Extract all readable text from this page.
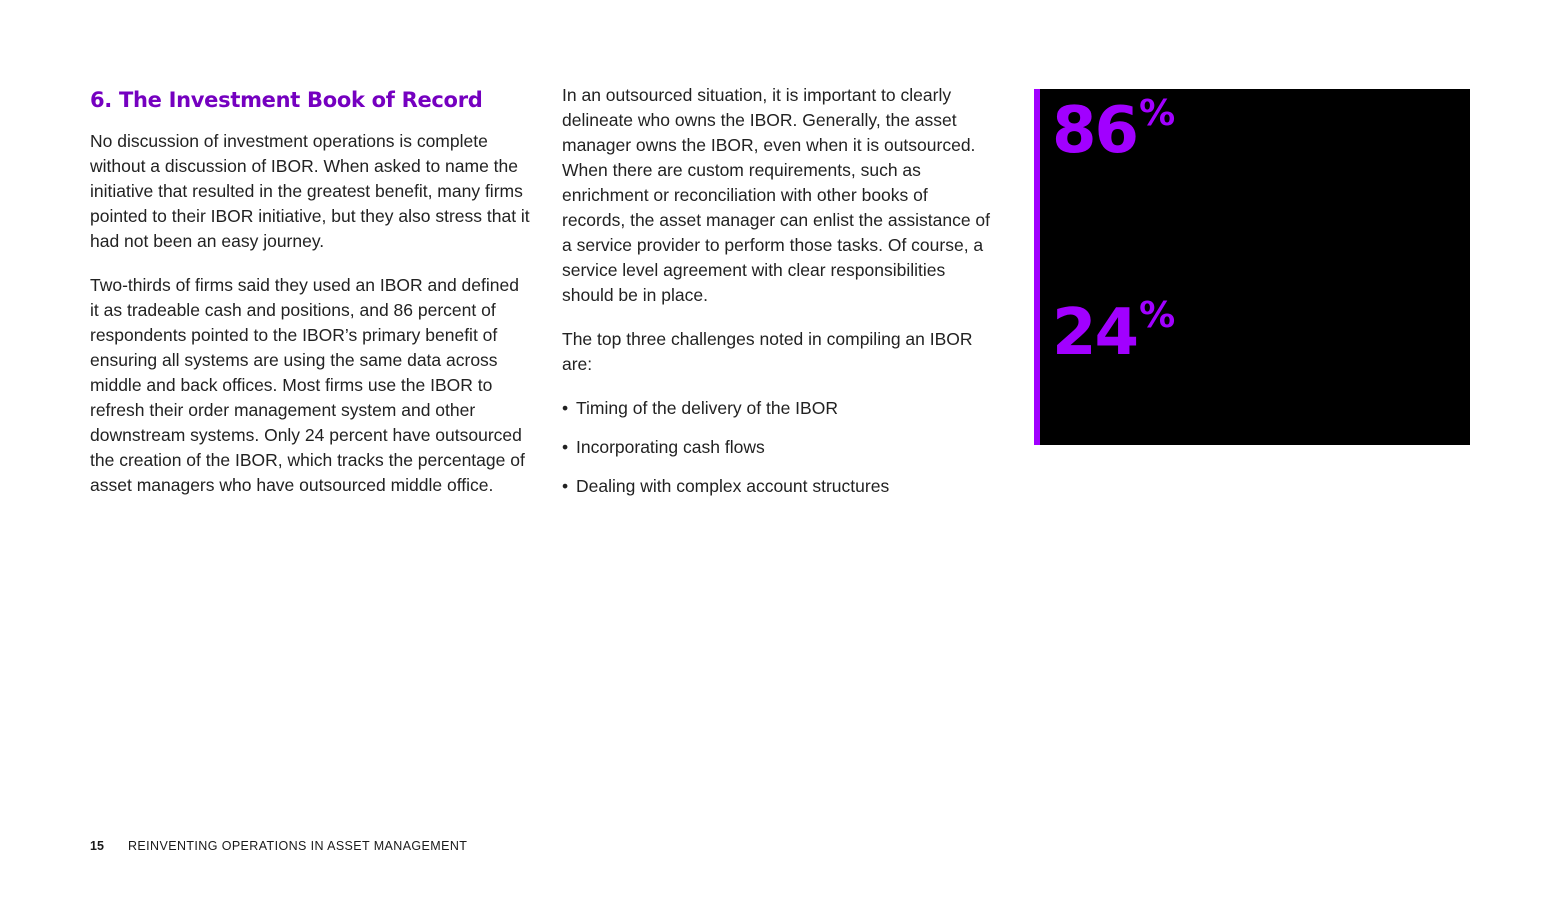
6. The Investment Book of Record

No discussion of investment operations is complete without a discussion of IBOR. When asked to name the initiative that resulted in the greatest benefit, many firms pointed to their IBOR initiative, but they also stress that it had not been an easy journey.

Two-thirds of firms said they used an IBOR and defined it as tradeable cash and positions, and 86 percent of respondents pointed to the IBOR’s primary benefit of ensuring all systems are using the same data across middle and back offices. Most firms use the IBOR to refresh their order management system and other downstream systems. Only 24 percent have outsourced the creation of the IBOR, which tracks the percentage of asset managers who have outsourced middle office.

In an outsourced situation, it is important to clearly delineate who owns the IBOR. Generally, the asset manager owns the IBOR, even when it is outsourced. When there are custom requirements, such as enrichment or reconciliation with other books of records, the asset manager can enlist the assistance of a service provider to perform those tasks. Of course, a service level agreement with clear responsibilities should be in place.

The top three challenges noted in compiling an IBOR are:

• Timing of the delivery of the IBOR
• Incorporating cash flows
• Dealing with complex account structures
86%
24%
15 REINVENTING OPERATIONS IN ASSET MANAGEMENT
